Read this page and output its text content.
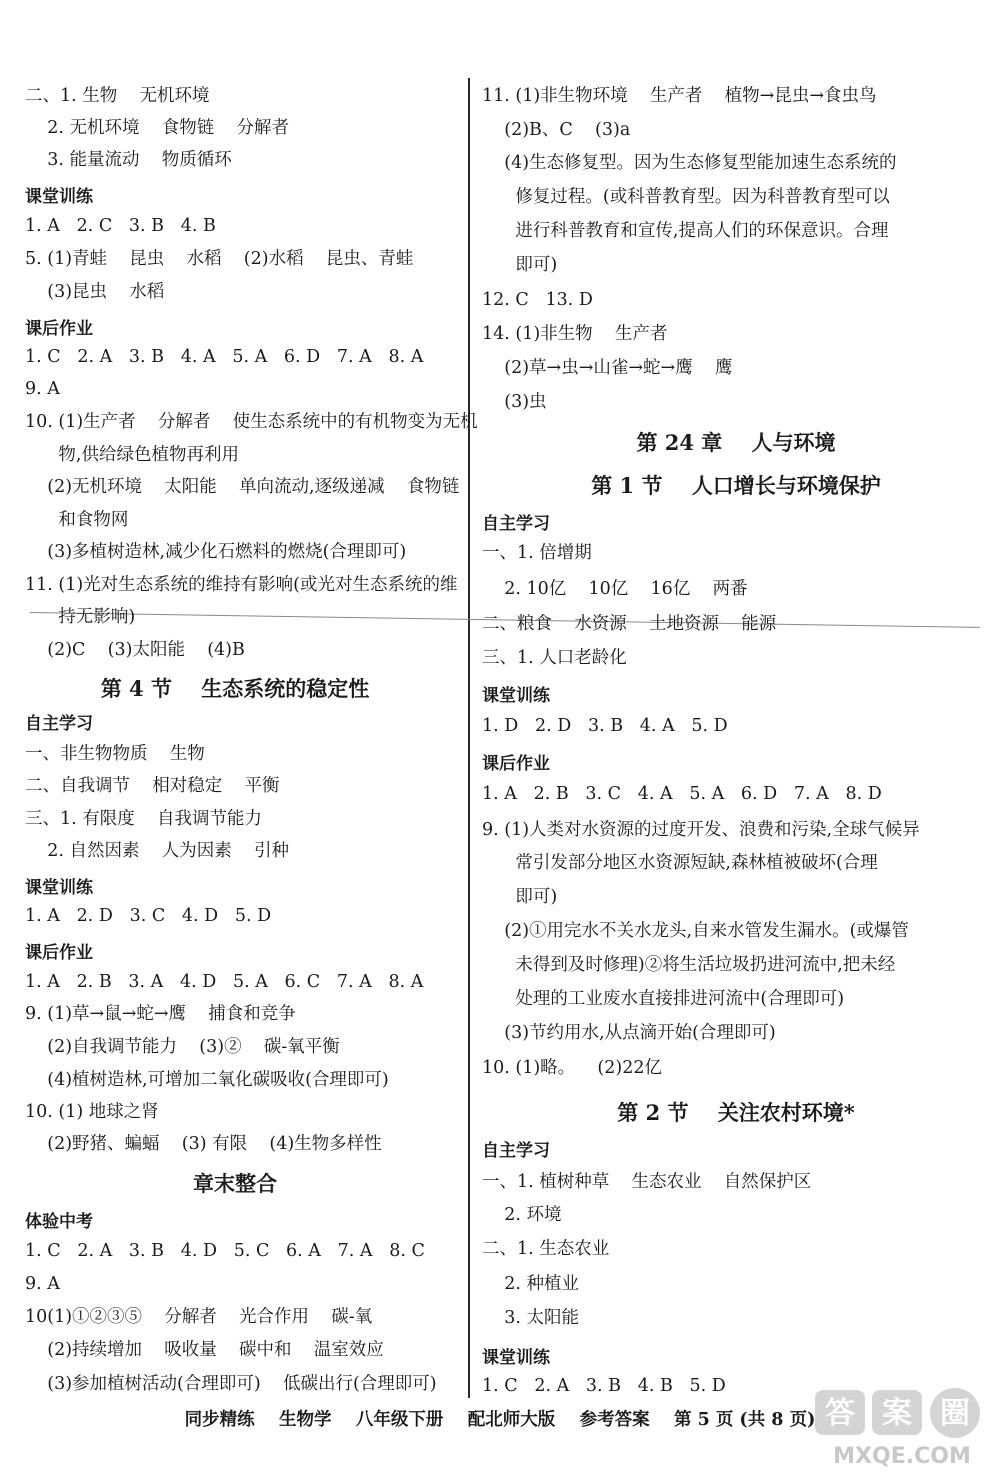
二、1. 生物    无机环境
2. 无机环境    食物链    分解者
3. 能量流动    物质循环
课堂训练
1. A   2. C   3. B   4. B
5. (1)青蛙    昆虫    水稻    (2)水稻    昆虫、青蛙
(3)昆虫    水稻
课后作业
1. C   2. A   3. B   4. A   5. A   6. D   7. A   8. A
9. A
10. (1)生产者    分解者    使生态系统中的有机物变为无机
物,供给绿色植物再利用
(2)无机环境    太阳能    单向流动,逐级递减    食物链
和食物网
(3)多植树造林,减少化石燃料的燃烧(合理即可)
11. (1)光对生态系统的维持有影响(或光对生态系统的维
持无影响)
(2)C    (3)太阳能    (4)B
第 4 节    生态系统的稳定性
自主学习
一、非生物物质    生物
二、自我调节    相对稳定    平衡
三、1. 有限度    自我调节能力
2. 自然因素    人为因素    引种
课堂训练
1. A   2. D   3. C   4. D   5. D
课后作业
1. A   2. B   3. A   4. D   5. A   6. C   7. A   8. A
9. (1)草→鼠→蛇→鹰    捕食和竞争
(2)自我调节能力    (3)②    碳-氧平衡
(4)植树造林,可增加二氧化碳吸收(合理即可)
10. (1) 地球之肾
(2)野猪、蝙蝠    (3) 有限    (4)生物多样性
章末整合
体验中考
1. C   2. A   3. B   4. D   5. C   6. A   7. A   8. C
9. A
10(1)①②③⑤    分解者    光合作用    碳-氧
(2)持续增加    吸收量    碳中和    温室效应
(3)参加植树活动(合理即可)    低碳出行(合理即可)
11. (1)非生物环境    生产者    植物→昆虫→食虫鸟
(2)B、C    (3)a
(4)生态修复型。因为生态修复型能加速生态系统的
修复过程。(或科普教育型。因为科普教育型可以
进行科普教育和宣传,提高人们的环保意识。合理
即可)
12. C   13. D
14. (1)非生物    生产者
(2)草→虫→山雀→蛇→鹰    鹰
(3)虫
第 24 章    人与环境
第 1 节    人口增长与环境保护
自主学习
一、1. 倍增期
2. 10亿    10亿    16亿    两番
二、粮食    水资源    土地资源    能源
三、1. 人口老龄化
课堂训练
1. D   2. D   3. B   4. A   5. D
课后作业
1. A   2. B   3. C   4. A   5. A   6. D   7. A   8. D
9. (1)人类对水资源的过度开发、浪费和污染,全球气候异
常引发部分地区水资源短缺,森林植被破坏(合理
即可)
(2)①用完水不关水龙头,自来水管发生漏水。(或爆管
未得到及时修理)②将生活垃圾扔进河流中,把未经
处理的工业废水直接排进河流中(合理即可)
(3)节约用水,从点滴开始(合理即可)
10. (1)略。    (2)22亿
第 2 节    关注农村环境*
自主学习
一、1. 植树种草    生态农业    自然保护区
2. 环境
二、1. 生态农业
2. 种植业
3. 太阳能
课堂训练
1. C   2. A   3. B   4. B   5. D
同步精练    生物学    八年级下册    配北师大版    参考答案    第 5 页 (共 8 页) 答 案 圈
MXQE.COM
